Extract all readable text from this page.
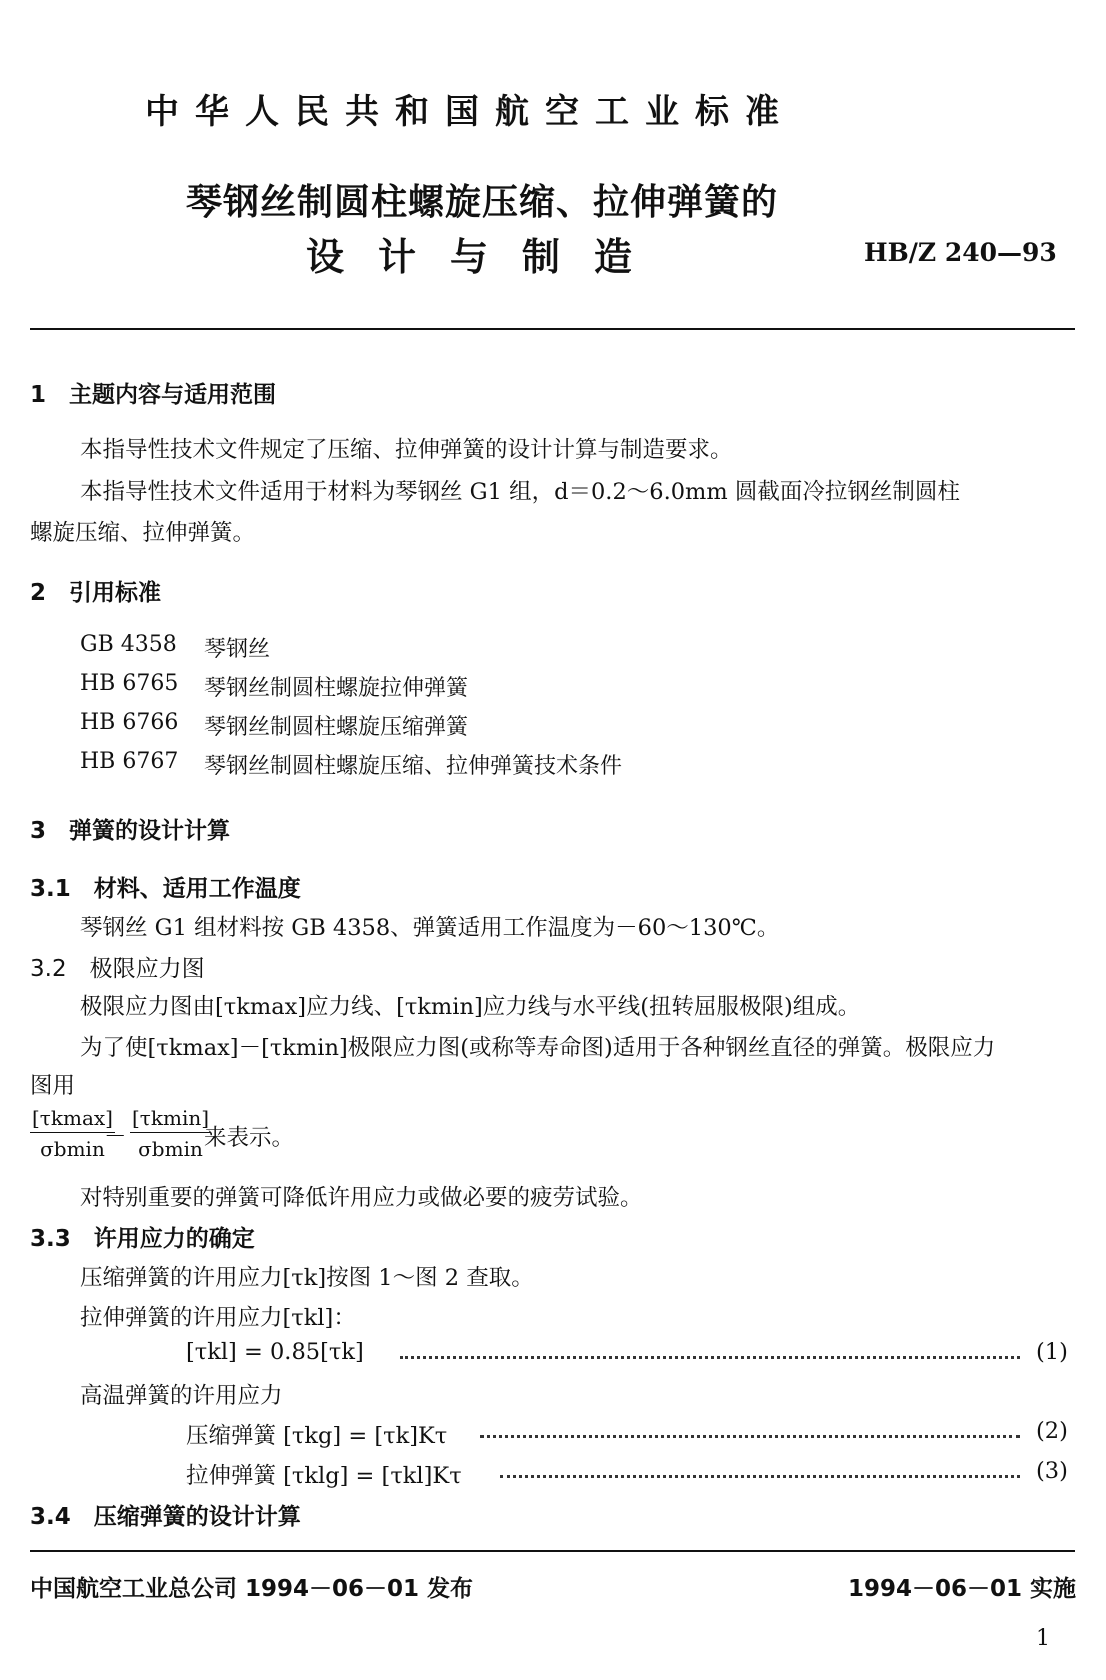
中华人民共和国航空工业标准
琴钢丝制圆柱螺旋压缩、拉伸弹簧的
设计与制造	HB/Z 240—93
1　主题内容与适用范围
本指导性技术文件规定了压缩、拉伸弹簧的设计计算与制造要求。
本指导性技术文件适用于材料为琴钢丝 G1 组，d＝0.2～6.0mm 圆截面冷拉钢丝制圆柱
螺旋压缩、拉伸弹簧。
2　引用标准
GB 4358	琴钢丝
HB 6765	琴钢丝制圆柱螺旋拉伸弹簧
HB 6766	琴钢丝制圆柱螺旋压缩弹簧
HB 6767	琴钢丝制圆柱螺旋压缩、拉伸弹簧技术条件
3　弹簧的设计计算
3.1　材料、适用工作温度
琴钢丝 G1 组材料按 GB 4358、弹簧适用工作温度为－60～130℃。
3.2　极限应力图
极限应力图由[τkmax]应力线、[τkmin]应力线与水平线(扭转屈服极限)组成。
为了使[τkmax]－[τkmin]极限应力图(或称等寿命图)适用于各种钢丝直径的弹簧。极限应力
图用
[τkmax]
σbmin －
[τkmin]
σbmin 来表示。
对特别重要的弹簧可降低许用应力或做必要的疲劳试验。
3.3　许用应力的确定
压缩弹簧的许用应力[τk]按图 1～图 2 查取。
拉伸弹簧的许用应力[τkl]：
[τkl] = 0.85[τk]	(1)
高温弹簧的许用应力
压缩弹簧 [τkg] = [τk]Kτ	(2)
拉伸弹簧 [τklg] = [τkl]Kτ	(3)
3.4　压缩弹簧的设计计算
中国航空工业总公司 1994－06－01 发布	1994－06－01 实施
1
